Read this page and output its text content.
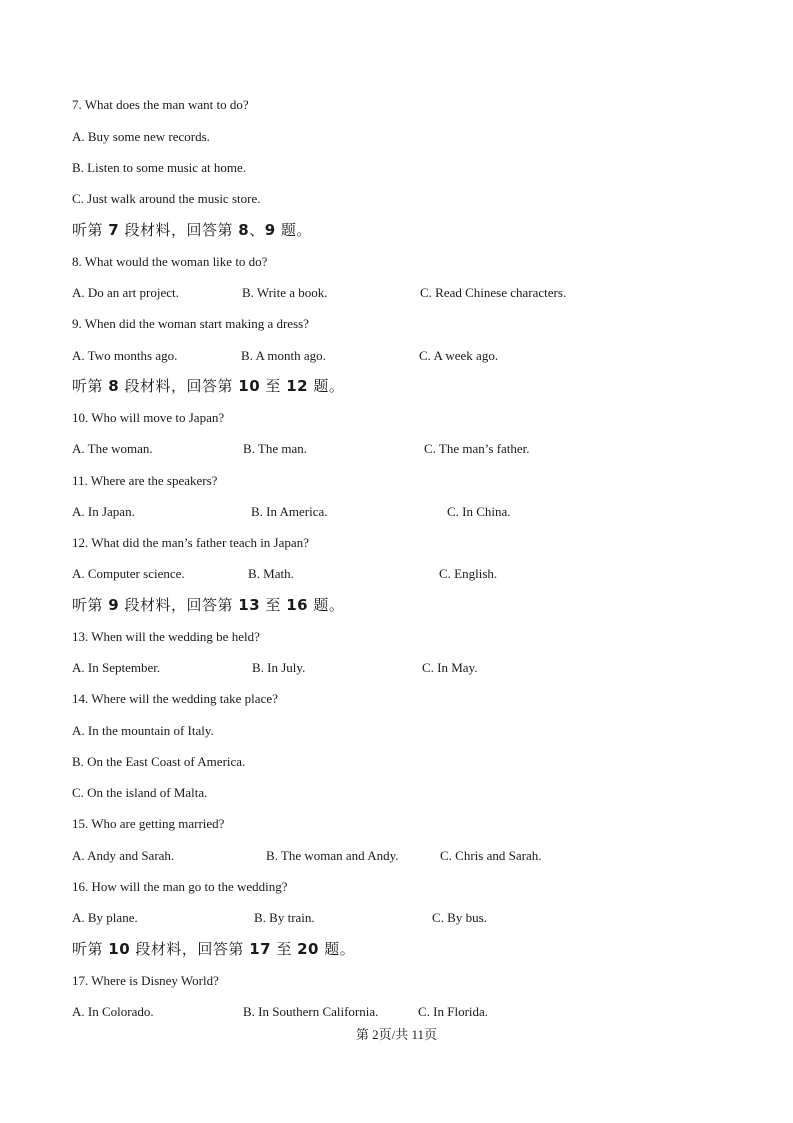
7. What does the man want to do?
A. Buy some new records.
B. Listen to some music at home.
C. Just walk around the music store.
听第 7 段材料，回答第 8、9 题。
8. What would the woman like to do?
A. Do an art project.	B. Write a book.	C. Read Chinese characters.
9. When did the woman start making a dress?
A. Two months ago.	B. A month ago.	C. A week ago.
听第 8 段材料，回答第 10 至 12 题。
10. Who will move to Japan?
A. The woman.	B. The man.	C. The man’s father.
11. Where are the speakers?
A. In Japan.	B. In America.	C. In China.
12. What did the man’s father teach in Japan?
A. Computer science.	B. Math.	C. English.
听第 9 段材料，回答第 13 至 16 题。
13. When will the wedding be held?
A. In September.	B. In July.	C. In May.
14. Where will the wedding take place?
A. In the mountain of Italy.
B. On the East Coast of America.
C. On the island of Malta.
15. Who are getting married?
A. Andy and Sarah.	B. The woman and Andy.	C. Chris and Sarah.
16. How will the man go to the wedding?
A. By plane.	B. By train.	C. By bus.
听第 10 段材料，回答第 17 至 20 题。
17. Where is Disney World?
A. In Colorado.	B. In Southern California.	C. In Florida.
第 2页/共 11页
